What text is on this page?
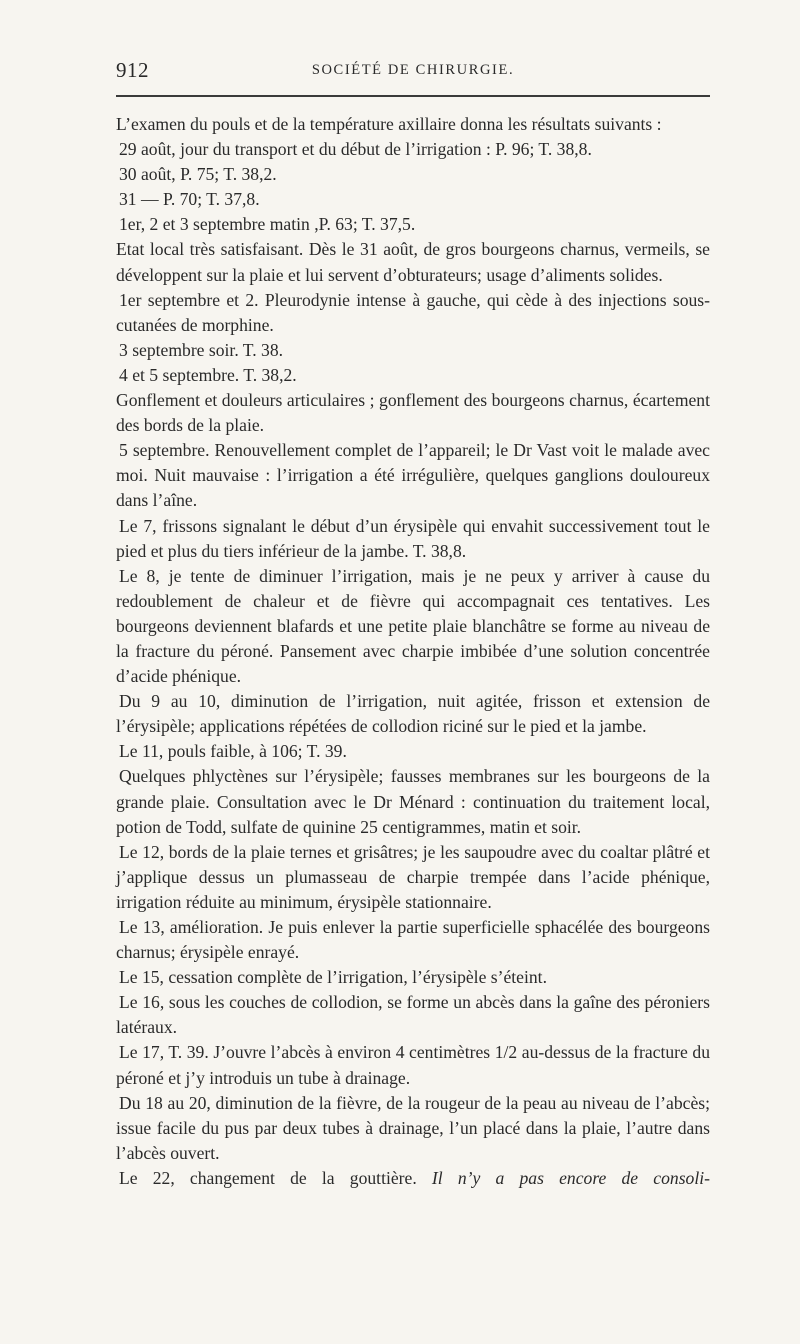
912	SOCIÉTÉ DE CHIRURGIE.

L’examen du pouls et de la température axillaire donna les résultats suivants :

29 août, jour du transport et du début de l’irrigation : P. 96; T. 38,8.

30 août, P. 75; T. 38,2.

31 — P. 70; T. 37,8.

1er, 2 et 3 septembre matin ,P. 63; T. 37,5.

Etat local très satisfaisant. Dès le 31 août, de gros bourgeons charnus, vermeils, se développent sur la plaie et lui servent d’obturateurs; usage d’aliments solides.

1er septembre et 2. Pleurodynie intense à gauche, qui cède à des injections sous-cutanées de morphine.

3 septembre soir. T. 38.

4 et 5 septembre. T. 38,2.

Gonflement et douleurs articulaires ; gonflement des bourgeons charnus, écartement des bords de la plaie.

5 septembre. Renouvellement complet de l’appareil; le Dr Vast voit le malade avec moi. Nuit mauvaise : l’irrigation a été irrégulière, quelques ganglions douloureux dans l’aîne.

Le 7, frissons signalant le début d’un érysipèle qui envahit successivement tout le pied et plus du tiers inférieur de la jambe. T. 38,8.

Le 8, je tente de diminuer l’irrigation, mais je ne peux y arriver à cause du redoublement de chaleur et de fièvre qui accompagnait ces tentatives. Les bourgeons deviennent blafards et une petite plaie blanchâtre se forme au niveau de la fracture du péroné. Pansement avec charpie imbibée d’une solution concentrée d’acide phénique.

Du 9 au 10, diminution de l’irrigation, nuit agitée, frisson et extension de l’érysipèle; applications répétées de collodion riciné sur le pied et la jambe.

Le 11, pouls faible, à 106; T. 39.

Quelques phlyctènes sur l’érysipèle; fausses membranes sur les bourgeons de la grande plaie. Consultation avec le Dr Ménard : continuation du traitement local, potion de Todd, sulfate de quinine 25 centigrammes, matin et soir.

Le 12, bords de la plaie ternes et grisâtres; je les saupoudre avec du coaltar plâtré et j’applique dessus un plumasseau de charpie trempée dans l’acide phénique, irrigation réduite au minimum, érysipèle stationnaire.

Le 13, amélioration. Je puis enlever la partie superficielle sphacélée des bourgeons charnus; érysipèle enrayé.

Le 15, cessation complète de l’irrigation, l’érysipèle s’éteint.

Le 16, sous les couches de collodion, se forme un abcès dans la gaîne des péroniers latéraux.

Le 17, T. 39. J’ouvre l’abcès à environ 4 centimètres 1/2 au-dessus de la fracture du péroné et j’y introduis un tube à drainage.

Du 18 au 20, diminution de la fièvre, de la rougeur de la peau au niveau de l’abcès; issue facile du pus par deux tubes à drainage, l’un placé dans la plaie, l’autre dans l’abcès ouvert.

Le 22, changement de la gouttière. Il n’y a pas encore de consoli-
